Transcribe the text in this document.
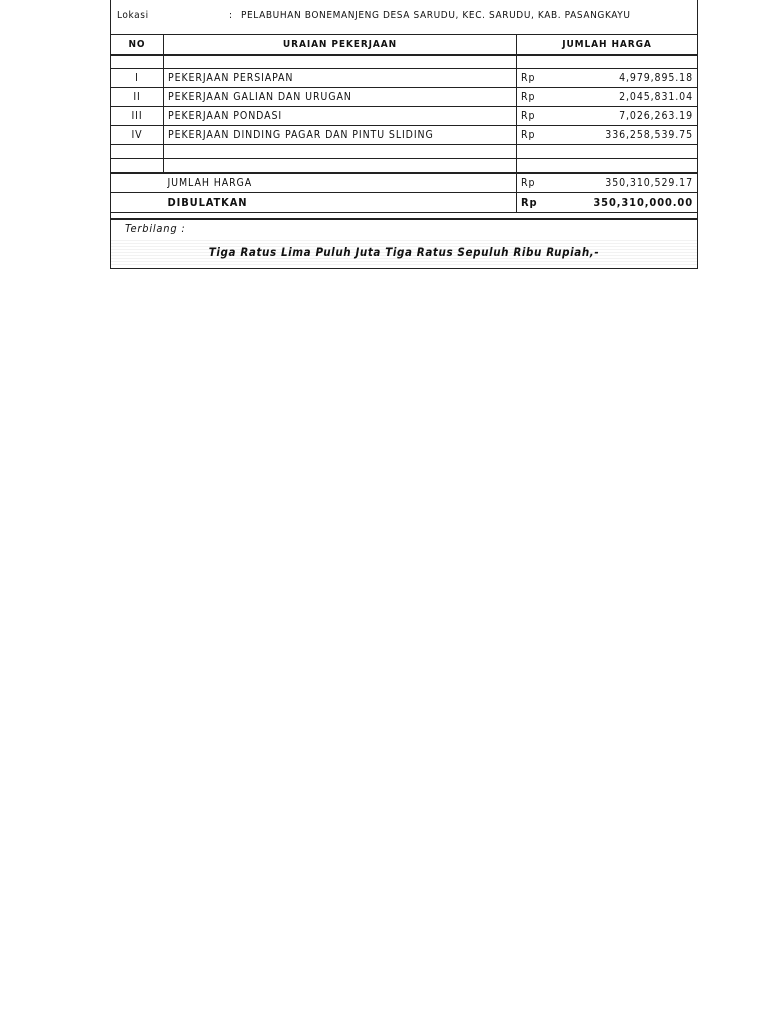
Lokasi	: PELABUHAN BONEMANJENG DESA SARUDU, KEC. SARUDU, KAB. PASANGKAYU
NO	URAIAN PEKERJAAN	JUMLAH HARGA	

I	PEKERJAAN PERSIAPAN	Rp	4,979,895.18
II	PEKERJAAN GALIAN DAN URUGAN	Rp	2,045,831.04
III	PEKERJAAN PONDASI	Rp	7,026,263.19
IV	PEKERJAAN DINDING PAGAR DAN PINTU SLIDING	Rp	336,258,539.75

	JUMLAH HARGA	Rp	350,310,529.17
	DIBULATKAN	Rp	350,310,000.00
Terbilang :
Tiga Ratus Lima Puluh Juta Tiga Ratus Sepuluh Ribu Rupiah,-
